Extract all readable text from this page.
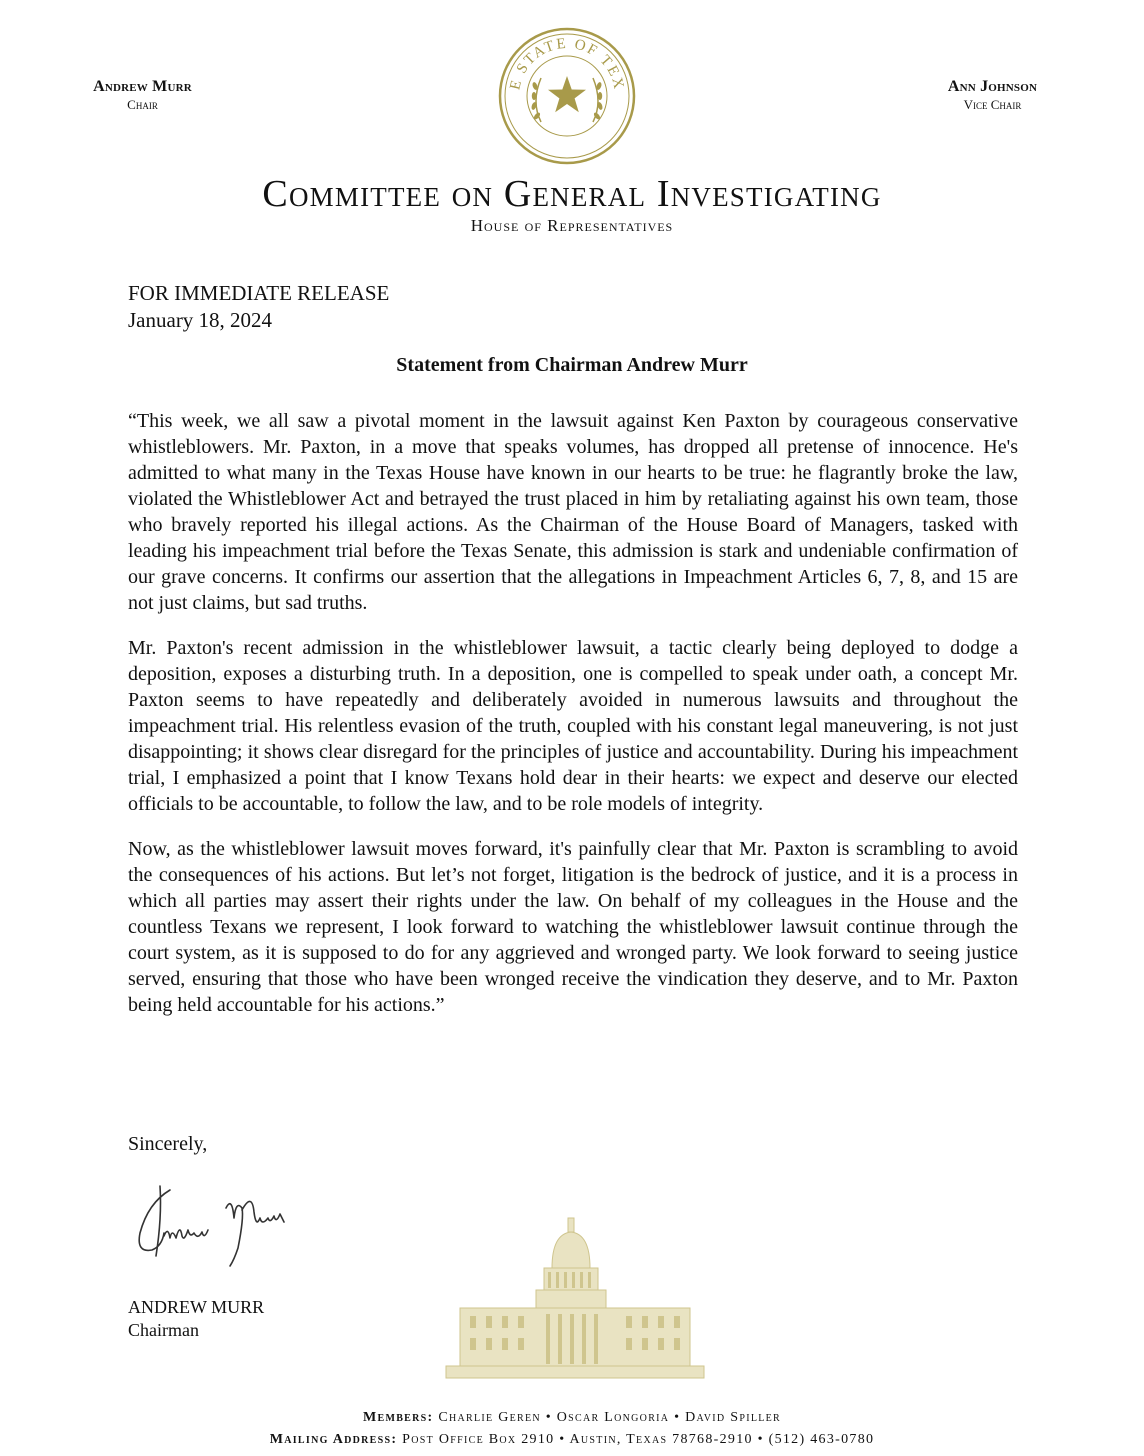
Andrew Murr
Chair
E STATE OF TEX	Ann Johnson
Vice Chair
Committee on General Investigating
House of Representatives
FOR IMMEDIATE RELEASE
January 18, 2024
Statement from Chairman Andrew Murr

“This week, we all saw a pivotal moment in the lawsuit against Ken Paxton by courageous conservative whistleblowers. Mr. Paxton, in a move that speaks volumes, has dropped all pretense of innocence. He's admitted to what many in the Texas House have known in our hearts to be true: he flagrantly broke the law, violated the Whistleblower Act and betrayed the trust placed in him by retaliating against his own team, those who bravely reported his illegal actions. As the Chairman of the House Board of Managers, tasked with leading his impeachment trial before the Texas Senate, this admission is stark and undeniable confirmation of our grave concerns. It confirms our assertion that the allegations in Impeachment Articles 6, 7, 8, and 15 are not just claims, but sad truths.

Mr. Paxton's recent admission in the whistleblower lawsuit, a tactic clearly being deployed to dodge a deposition, exposes a disturbing truth. In a deposition, one is compelled to speak under oath, a concept Mr. Paxton seems to have repeatedly and deliberately avoided in numerous lawsuits and throughout the impeachment trial. His relentless evasion of the truth, coupled with his constant legal maneuvering, is not just disappointing; it shows clear disregard for the principles of justice and accountability. During his impeachment trial, I emphasized a point that I know Texans hold dear in their hearts: we expect and deserve our elected officials to be accountable, to follow the law, and to be role models of integrity.

Now, as the whistleblower lawsuit moves forward, it's painfully clear that Mr. Paxton is scrambling to avoid the consequences of his actions. But let’s not forget, litigation is the bedrock of justice, and it is a process in which all parties may assert their rights under the law. On behalf of my colleagues in the House and the countless Texans we represent, I look forward to watching the whistleblower lawsuit continue through the court system, as it is supposed to do for any aggrieved and wronged party. We look forward to seeing justice served, ensuring that those who have been wronged receive the vindication they deserve, and to Mr. Paxton being held accountable for his actions.”

Sincerely,
ANDREW MURR
Chairman
Members: Charlie Geren • Oscar Longoria • David Spiller
Mailing Address: Post Office Box 2910 • Austin, Texas 78768-2910 • (512) 463-0780
